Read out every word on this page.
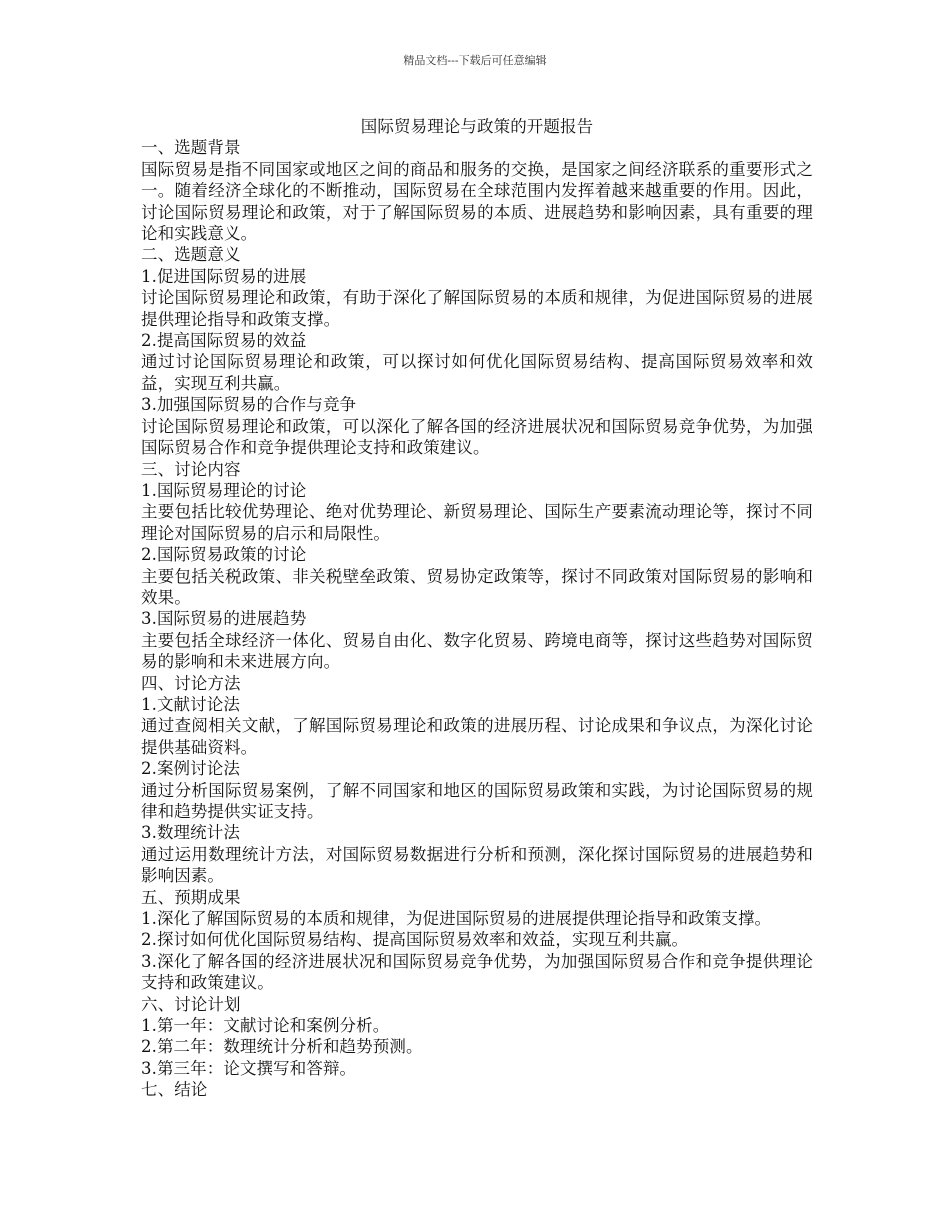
精品文档---下载后可任意编辑
国际贸易理论与政策的开题报告

一、选题背景

国际贸易是指不同国家或地区之间的商品和服务的交换，是国家之间经济联系的重要形式之一。随着经济全球化的不断推动，国际贸易在全球范围内发挥着越来越重要的作用。因此，讨论国际贸易理论和政策，对于了解国际贸易的本质、进展趋势和影响因素，具有重要的理论和实践意义。

二、选题意义

1.促进国际贸易的进展

讨论国际贸易理论和政策，有助于深化了解国际贸易的本质和规律，为促进国际贸易的进展提供理论指导和政策支撑。

2.提高国际贸易的效益

通过讨论国际贸易理论和政策，可以探讨如何优化国际贸易结构、提高国际贸易效率和效益，实现互利共赢。

3.加强国际贸易的合作与竞争

讨论国际贸易理论和政策，可以深化了解各国的经济进展状况和国际贸易竞争优势，为加强国际贸易合作和竞争提供理论支持和政策建议。

三、讨论内容

1.国际贸易理论的讨论

主要包括比较优势理论、绝对优势理论、新贸易理论、国际生产要素流动理论等，探讨不同理论对国际贸易的启示和局限性。

2.国际贸易政策的讨论

主要包括关税政策、非关税壁垒政策、贸易协定政策等，探讨不同政策对国际贸易的影响和效果。

3.国际贸易的进展趋势

主要包括全球经济一体化、贸易自由化、数字化贸易、跨境电商等，探讨这些趋势对国际贸易的影响和未来进展方向。

四、讨论方法

1.文献讨论法

通过查阅相关文献，了解国际贸易理论和政策的进展历程、讨论成果和争议点，为深化讨论提供基础资料。

2.案例讨论法

通过分析国际贸易案例，了解不同国家和地区的国际贸易政策和实践，为讨论国际贸易的规律和趋势提供实证支持。

3.数理统计法

通过运用数理统计方法，对国际贸易数据进行分析和预测，深化探讨国际贸易的进展趋势和影响因素。

五、预期成果

1.深化了解国际贸易的本质和规律，为促进国际贸易的进展提供理论指导和政策支撑。

2.探讨如何优化国际贸易结构、提高国际贸易效率和效益，实现互利共赢。

3.深化了解各国的经济进展状况和国际贸易竞争优势，为加强国际贸易合作和竞争提供理论支持和政策建议。

六、讨论计划

1.第一年：文献讨论和案例分析。

2.第二年：数理统计分析和趋势预测。

3.第三年：论文撰写和答辩。

七、结论
